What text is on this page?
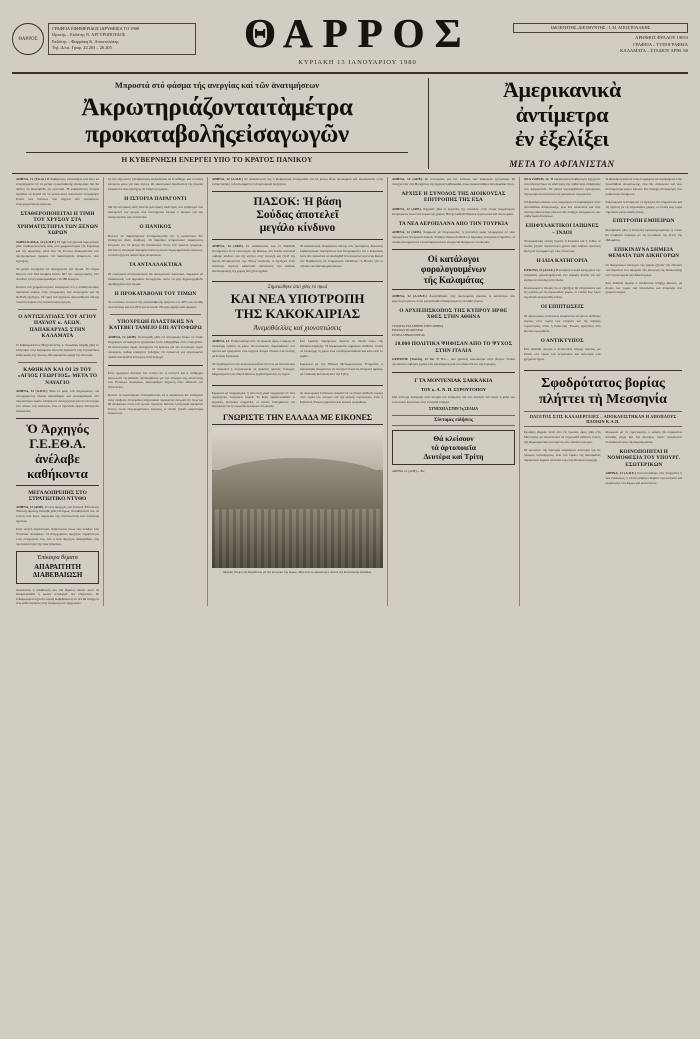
ΘΑΡΡΟΣ
ΓΡΑΦΕΙΑ ΕΦΗΜΕΡΙΔΟΣ ΙΔΡΥΘΕΙΣΑ ΤΟ 1900
Ιδρυτής – Εκδότης Ν. ΑΡΓΥΡΟΠΟΥΛΟΣ
Εκδότης – Φαρμάκη Κ. Αποστολάκης
Τηλ. Δ/νσ. Γραφ. 22.263 – 26.205	ΘΑΡΡΟΣ
ΚΥΡΙΑΚΗ 13 ΙΑΝΟΥΑΡΙΟΥ 1980
ΙΔΙΟΚΤΗΤΗΣ–ΔΙΕΥΘΥΝΤΗΣ : Ι. Μ. ΑΠΟΣΤΟΛΑΚΗΣ
ΑΡΙΘΜΟΣ ΦΥΛΛΟΥ 19033
ΓΡΑΦΕΙΑ – ΤΥΠΟΓΡΑΦΕΙΑ
ΚΑΛΑΜΑΤΑ – ΣΤΑΔΙΟΥ ΑΡΙΘ. 60
Μπροστά στό φάσμα τής ανεργίας καί τῶν ἀνατιμήσεων
Ἀκρωτηριάζονταιτὰμέτρα
προκαταβολῆςεἰσαγωγῶν
Η ΚΥΒΕΡΝΗΣΗ ΕΝΕΡΓΕΙ ΥΠΟ ΤΟ ΚΡΑΤΟΣ ΠΑΝΙΚΟΥ
Ἀμερικανικὰ
ἀντίμετρα
ἐν ἐξελίξει
ΜΕΤΑ ΤΟ ΑΦΓΑΝΙΣΤΑΝ

ΑΘΗΝΑ, 12 (ΤΑ.Δι.) Η Κυβέρνηση έπαναφέρει καί πάλι κό επιχειρήματα ότι τά μέτρα προκαταβολῆς εἰσαγωγῶν δέν θά πρέπει νά θεωρηθοῦν ὡς ὁριστικά. Ἡ κυβερνητική πλευρά ἀρνεῖται νά δεχθεῖ ὅτι τά μέτρα αὐτά ἀποτελοῦν ὑποχώρηση ἔναντι τῶν πιέσεων πού δέχεται ἀπό ὁρισμένους ἐπιχειρηματικούς κύκλους.

ΣΤΑΘΕΡΟΠΟΙΕΙΤΑΙ Η ΤΙΜΗ ΤΟΥ ΧΡΥΣΟΥ ΣΤΑ ΧΡΗΜΑΤΙΣΤΗΡΙΑ ΤΩΝ ΞΕΝΩΝ ΧΩΡΩΝ

ΧΩΡΙΣ ΚΛΙΚΑ, 12 (Α.Π.Ε.) Ἡ τιμή τοῦ χρυσοῦ παρουσίασε χθές σταθεροποιητική τάση στά χρηματιστήρια τῆς Εὐρώπης καί τῆς Ἀμερικῆς, μετά ἀπό τίς ἔντονες διακυμάνσεις τῶν προηγούμενων ἡμερῶν. Οἱ παρατηρητές ἀναμένουν νέες ἐξελίξεις.

Τά μέτρα συνέχισαν νά ἀπασχολοῦν τήν ἀγορά. Ἡ οὐγγιά ἔκλεισε στά 594 δολάρια ἔναντι 607 τήν προηγουμένη. Στό Λονδίνο ἡ τιμή διαμορφώθηκε στά 588 δολάρια.

Κύκλοι τοῦ χρηματιστηρίου ἀναφέρουν ὅτι ἡ σταθεροποίηση ὀφείλεται κυρίως στήν ὑποχώρηση τῶν ἀνησυχιῶν γιά τίς διεθνεῖς ἐξελίξεις. Οἱ τιμές τοῦ ἀργύρου ἀκολούθησαν ἐπίσης πτωτική πορεία στίς περισσότερες ἀγορές.

Ο ΑΝΤΙΣΕΛΤΙΔΕΣ ΤΟΥ ΑΓΙΟΥ ΠΑΥΛΟΥ κ. ΛΕΩΝ. ΠΑΠΑΚΑΡΥΑΣ ΣΤΗΝ ΚΑΛΑΜΑΤΑ

Ὁ Σεβασμιώτατος Μητροπολίτης κ. Λεωνίδας ἀφίχθη χθές τό ἀπόγευμα στήν Καλαμάτα ὅπου θά παραστεῖ στίς ἑορταστικές ἐκδηλώσεις τῆς πόλεως. Θά παραμείνει μέχρι τήν Δευτέρα.

ΚΑΘΗΚΑΝ ΚΑΙ ΟΙ 29 ΤΟΥ «ΑΓΙΟΣ ΓΕΩΡΓΙΟΣ» ΜΕΤΑ ΤΟ ΝΑΥΑΓΙΟ

ΑΘΗΝΑ, 12 (Α.Π.Ε.) Ὅλα τά μέλη τοῦ πληρώματος τοῦ ναυαγήσαντος πλοίου διασώθηκαν καί μεταφέρθηκαν στό πλησιέστερο λιμάνι. Οἱ ἔρευνες συνεχίζονται γιά τόν ἐντοπισμό τῶν αἰτίων τοῦ ναυαγίου, ἐνῶ οἱ λιμενικές ἀρχές διενεργοῦν ἀνακρίσεις.

Ὁ Ἀρχηγός Γ.Ε.ΕΘ.Α.
ἀνέλαβε καθήκοντα
ΜΕΓΑΛΟΠΡΕΠΗΣ ΣΤΟ ΣΤΡΑΤΙΩΤΙΚΟ ΝΤΥΘΟ

ΑΘΗΝΑ, 12 (ΑΠΕ). Ὁ νέος Ἀρχηγός τοῦ Γενικοῦ Ἐπιτελείου Ἐθνικῆς Ἀμύνης ἀνέλαβε χθές ἐπισήμως τά καθήκοντά του, σέ τελετή πού ἔγινε παρουσία τῆς στρατιωτικῆς καί πολιτικῆς ἡγεσίας.

Στήν τελετή παρέστησαν ἐκπρόσωποι ὅλων τῶν κλάδων τῶν Ἐνόπλων Δυνάμεων. Ὁ ἀπερχόμενος Ἀρχηγός εὐχαρίστησε τούς συνεργάτες του, ἐνῶ ὁ νέος Ἀρχηγός ἀναφέρθηκε στίς προτεραιότητες τῆς νέας περιόδου.

Ἐπίκαιρα θέματα
ΑΠΑΡΑΙΤΗΤΗ ΔΙΑΒΕΒΑΙΩΣΗ
Ἀναμένεται ἡ διευθέτηση καί τοῦ θέματος αὐτοῦ, ὥστε νά ἀποκατασταθεῖ ἡ ὁμαλή λειτουργία τῶν ὑπηρεσιῶν. Οἱ ἐνδιαφερόμενοι ζητοῦν σαφεῖς διαβεβαιώσεις ὅτι δέν θά ὑπάρξουν νέες καθυστερήσεις στήν ἐφαρμογή τῶν ἐξαγγελιῶν.

τά τήν τάξη αὐτή ἡ Κυβέρνηση ἀναγκάζεται νά θ' ἀνθέξει, καί οἱ πύλες ἄνοιγουν μόνο γιά τούς λίγους. Οἱ οἰκονομικοί παράγοντες τῆς ἀγοράς ἀναμένουν νέες ἐξελίξεις τίς ἑπόμενες ἡμέρες.

Η ΙΣΤΟΡΙΑ ΠΑΡΑΓΟΝΤΙ

Μέ τήν ἀπόφαση αὐτή δίνεται μιά πρώτη ἀπάντηση στό πρόβλημα πού ἀπασχολεῖ τήν ἀγορά, ἐνῶ ταυτόχρονα ἀνοίγει ὁ δρόμος γιά τήν ἀντιμετώπιση τῶν συνεπειῶν.

Ο ΠΑΝΙΚΟΣ

Πολλοί τά παρατήρησαν ἐπισημαίνοντας ὅτι ἡ κατάσταση δέν ἐπιδέχεται ἄλλη ἀναβολή. Οἱ ἁρμόδιοι ὑπηρεσιακοί παράγοντες ἐκτιμοῦν ὅτι τά μέτρα θά ἀποδώσουν ἐντός τοῦ πρώτου τριμήνου. Ὡστόσο ἡ ἀνησυχία παραμένει ἔντονη στούς ἐπιχειρηματικούς κύκλους, οἱ ὁποῖοι ζητοῦν σαφέστερες δεσμεύσεις.

ΤΑ ΑΝΤΑΛΛΑΚΤΙΚΑ

Οἱ εἰσαγωγές ἀνταλλακτικῶν θά συνεχιστοῦν κανονικά, σύμφωνα μέ ἀνακοίνωση τοῦ ἁρμόδιου ὑπουργείου, ὥστε νά μήν δημιουργηθοῦν προβλήματα στήν ἀγορά.

Η ΠΡΟΚΑΤΑΒΟΛΗ ΤΟΥ ΤΙΜΩΝ

Τό συνολικό ποσοστό τῆς προκαταβολῆς ὁρίζεται στό 40% γιά τά εἴδη πολυτελείας καί στό 20% γιά τά λοιπά. Ἡ ἰσχύς ἀρχίζει ἀπό σήμερα.

ΥΠΟΧΡΕΩΗ ΠΛΑΣΤΙΚΗΣ ΝΑ ΚΑΤΕΒΕΙ ΤΑΜΕΙΟ ΕΠΙ ΑΥΤΟΦΩΡΩ

ΑΘΗΝΑ, 12 (ΑΠΕ). Συνελήφθη χθές ἐπ' αὐτοφώρῳ ἄτομο τό ὁποῖο ἐπιχείρησε νά ἀφαιρέσει χρηματικό ποσό. Ὁδηγήθηκε στόν εἰσαγγελέα. Οἱ ἀστυνομικές ἀρχές συνεχίζουν τίς ἔρευνες γιά τόν ἐντοπισμό τυχόν συνεργῶν, καθώς ὑπάρχουν ἐνδείξεις ὅτι πρόκειται γιά ὀργανωμένη ὁμάδα πού δροῦσε ἐπί μῆνες στήν περιοχή.

Στήν ἡμερήσια διαταγή του τονίζει ὅτι ἡ ἑνότητα καί ἡ πειθαρχία ἀποτελοῦν τίς βασικές προϋποθέσεις γιά τήν ἐπιτυχία τῆς ἀποστολῆς τῶν Ἐνόπλων Δυνάμεων. Ἀκολούθησε δεξίωση στήν αἴθουσα τοῦ Ἐπιτελείου.

Πολλοί τά παρατήρησαν ἐπισημαίνοντας ὅτι ἡ κατάσταση δέν ἐπιδέχεται ἄλλη ἀναβολή. Οἱ ἁρμόδιοι ὑπηρεσιακοί παράγοντες ἐκτιμοῦν ὅτι τά μέτρα θά ἀποδώσουν ἐντός τοῦ πρώτου τριμήνου. Ὡστόσο ἡ ἀνησυχία παραμένει ἔντονη στούς ἐπιχειρηματικούς κύκλους, οἱ ὁποῖοι ζητοῦν σαφέστερες δεσμεύσεις.

ΑΘΗΝΑ, 12 (Α.Π.Ε.) Σέ ἀνακοίνωσή της ἡ Κυβέρνηση ἐπισημαίνει ὅτι τά μέτρα εἶναι προσωρινά καί ἀποσκοποῦν στήν ἀντιμετώπιση τοῦ ἐλλείμματος τοῦ ἐμπορικοῦ ἰσοζυγίου.

ΠΑΣΟΚ: Ἡ βάση
Σούδας ἀποτελεῖ
μεγάλο κίνδυνο

ΑΘΗΝΑ, 12 (ΑΠΕ). Σέ ἀνακοίνωσή του τό ΠΑΣΟΚ ἐπισημαίνει ὅτι ἡ λειτουργία τῆς βάσεως στή Σούδα ἀποτελεῖ σοβαρό κίνδυνο γιά τήν εἰρήνη στήν περιοχή καί ζητεῖ τήν ἄμεση ἀπομάκρυνσή της. Ὅπως τονίζεται, οἱ ἐξελίξεις στήν εὐρύτερη περιοχή καθιστοῦν ἐπιτακτική τήν ἀνάγκη ἀποδέσμευσης τῆς χώρας ἀπό ξένα σχέδια.

Ἡ ἀνακοίνωση ἀναφέρεται ἐπίσης στίς πρόσφατες δηλώσεις κυβερνητικῶν παραγόντων καί ὑπογραμμίζει ὅτι ὁ ἑλληνικός λαός δέν πρόκειται νά ἀποδεχθεῖ τετελεσμένα γεγονότα. Καλεῖ τήν Κυβέρνηση νά ἐνημερώσει ὑπεύθυνα τή Βουλή γιά τό σύνολο τῶν διαπραγματεύσεων.

Σημειώθηκε ἀπό χθές τό πρωΐ
ΚΑΙ ΝΕΑ ΥΠΟΤΡΟΠΗ
ΤΗΣ ΚΑΚΟΚΑΙΡΙΑΣ
Ἀνεμοθύελλες καί χιονοπτώσεις

ΑΘΗΝΑ, 12. Ἐπιδεινώθηκε ἀπό τίς πρωινές ὧρες ὁ καιρός σέ ὁλόκληρη σχεδόν τή χώρα. Χιονοπτώσεις σημειώθηκαν στά ὀρεινά καί ἡμιορεινά, ἐνῶ ἰσχυροί ἄνεμοι ἔπνεαν στά πελάγη μέ ἔνταση 8 μποφόρ.

Τά προβλήματα στήν κυκλοφορία ἦταν ἔντονα, μέ ἀποτέλεσμα νά διακοπεῖ ἡ συγκοινωνία σέ ἀρκετές ὀρεινές περιοχές. Μηχανήματα τοῦ ὁδικοῦ δικτύου ἐργάστηκαν ὅλη τή νύχτα.

Στά λιμάνια παρέμειναν δεμένα τά πλοῖα λόγω τῆς θαλασσοταραχῆς. Ἡ θερμοκρασία σημείωσε αἰσθητή πτώση σέ ὁλόκληρη τή χώρα, ἐνῶ στά βόρεια ἔφθασε καί κάτω ἀπό τό μηδέν.

Σύμφωνα μέ τήν Ἐθνική Μετεωρολογική Ὑπηρεσία, ἡ κακοκαιρία ἀναμένεται νά συνεχιστεῖ καί τίς ἑπόμενες ἡμέρες, μέ σταδιακή βελτίωση ἀπό τήν Τρίτη.

Σύμφωνα μέ πληροφορίες, ἡ γειτονική χώρα προχώρησε σέ νέες παραγγελίες πολεμικοῦ ὑλικοῦ. Τό θέμα παρακολουθοῦν οἱ ἁρμόδιες ἑλληνικές ὑπηρεσίες, οἱ ὁποῖες ἐπισημαίνουν ὅτι διαταράσσεται ἡ ἰσορροπία δυνάμεων στό Αἰγαῖο.
Οἱ οἰκονομικές ἐπιπτώσεις ἀναμένεται νά γίνουν αἰσθητές κυρίως στόν τομέα τῶν σιτηρῶν καί τῆς ὑψηλῆς τεχνολογίας, ὅπου ἡ Σοβιετική Ἕνωση ἐξαρτᾶται ἀπό δυτικές προμήθειες.
ΓΝΩΡΙΣΤΕ ΤΗΝ ΕΛΛΑΔΑ ΜΕ ΕΙΚΟΝΕΣ
Μερική ἄποψη τῆς Καρδίτσας μέ τόν κεντρικό της δρόμο. Μία ἀπό τίς ὡραιότερες πόλεις τῆς θεσσαλικῆς πεδιάδος.

ΑΘΗΝΑ, 12 (ΑΠΕ). Οἱ συνομιλίες γιά τήν ἐπίλυση τῶν ἐκκρεμῶν ζητημάτων θά συνεχιστοῦν στίς Βρυξέλλες τήν ἐρχόμενη ἑβδομάδα, ὅπως ἀνακοινώθηκε ἀπό ἁρμόδια πηγή.

ΑΡΧΙΣΕ Η ΣΥΝΟΔΟΣ ΤΗΣ ΔΙΟΙΚΟΥΣΑΣ ΕΠΙΤΡΟΠΗΣ ΤΗΣ ΕΣΑ

ΑΘΗΝΑ, 12 (ΑΠΕ). Ἄρχισαν χθές οἱ ἐργασίες τῆς συνόδου, στήν ὁποία συμμετέχουν ἐκπρόσωποι ὅλων τῶν νομῶν τῆς χώρας. Θά ἐξετασθοῦν θέματα ὀργανωτικά καί οἰκονομικά.

ΤΑ ΝΕΑ ΑΕΡΟΠΛΑΝΑ ΑΠΟ ΤΗΝ ΤΟΥΡΚΙΑ

ΑΘΗΝΑ, 12 (ΑΠΕ). Σύμφωνα μέ πληροφορίες, ἡ γειτονική χώρα προχώρησε σέ νέες παραγγελίες πολεμικοῦ ὑλικοῦ. Τό θέμα παρακολουθοῦν οἱ ἁρμόδιες ἑλληνικές ὑπηρεσίες, οἱ ὁποῖες ἐπισημαίνουν ὅτι διαταράσσεται ἡ ἰσορροπία δυνάμεων στό Αἰγαῖο.

Οἱ κατάλογοι
φορολογουμένων
τῆς Καλαμάτας

ΑΘΗΝΑ, 12 (Α.Ι.Β.Ε.) Ἀναρτήθηκαν στίς οἰκονομικές ἐφορίες οἱ κατάλογοι τῶν φορολογουμένων, ὅπου μπορεῖ κάθε ἐνδιαφερόμενος νά λάβει γνώση.

Ο ΑΡΧΙΕΠΙΣΚΟΠΟΣ ΤΗΣ ΚΥΠΡΟΥ ΗΡΘΕ ΧΘΕΣ ΣΤΗΝ ΑΘΗΝΑ
ΤΡΙΑΝΤΑ ΣΥΛΛΗΨΕΙΣ ΣΤΗΝ ΑΘΗΝΑ
ΕΠΑΝΑ ΣΤΟ ΔΟΥΛΕΙΟ
ΣΥΝΕΛΛΗΝΩΝ ΙΕΡΕΑΣ
10.000 ΠΟΛΙΤΙΚΑ ΨΗΦΙΣΑΝ ΑΠΟ ΤΟ ΨΥΧΟΣ ΣΤΗΝ ΙΤΑΛΙΑ

ΟΡΙΤΣΙΝΕ (Ἰταλία), 12 Ἰα. Ἡ Β.Ι.— ἀπό χθεσινή κακοκαιρία στήν βόρειο Ἰταλία προκάλεσε σοβαρές ζημιές στίς καλλιέργειες καί στό ὁδικό δίκτυο τῆς περιοχῆς.

Γ ΤΑ ΜΟΝΤΕΝΙΑΚ ΣΑΚΚΑΚΙΑ
ΤΟΥ κ. Α. Ν. Π. ΣΤΡΟΥΤΟΠΟΥ
Μιά σύντομη ἀναδρομή στήν ἱστορία τοῦ ἐνδύματος καί στίς ἀλλαγές πού ἔφερε ἡ μόδα τῶν τελευταίων δεκαετιῶν στήν ἑλληνική ἐπαρχία.
ΣΥΝΕΧΕΙΑ ΣΤΗΝ 7η ΣΕΛΙΔΑ
Σύντομες εἰδήσεις
Θά κλείσουν
τά ἀρτοποιεῖα
Δευτέρα καί Τρίτη
ΑΘΗΝΑ 12. (ΑΠΕ).—Εἰς

ΝΕΑ ΥΟΡΚΗ, 12. Ἡ ἀμερικανική Κυβέρνηση ἐξήγγειλε νέα σειρά μέτρων σέ ἀπάντηση τῆς σοβιετικῆς ἐπέμβασης στό Ἀφγανιστάν. Τά μέτρα περιλαμβάνουν ἐμπορικούς περιορισμούς καί ἀναστολή ὁρισμένων συμφωνιῶν.

Ὁ Πρόεδρος κάλεσε τούς συμμάχους νά συμπράξουν στήν προσπάθεια ἀπομόνωσης, ἐνῶ δέν ἀπέκλεισε καί νέα, αὐστηρότερα μέτρα ἐφόσον δέν ὑπάρξει ἀποχώρηση τῶν σοβιετικῶν δυνάμεων.

ΕΠΙΦΥΛΑΚΤΙΚΟΙ ΙΑΠΩΝΕΣ – ΙΝΔΟΙ

Ἐπιφυλακτική στάση τηροῦν ἡ Ἰαπωνία καί ἡ Ἰνδία, οἱ ὁποῖες ζητοῦν περισσότερο χρόνο πρίν λάβουν ὁριστική θέση γιά τή συμμετοχή τους στά μέτρα.

Η ΙΔΙΑ ΚΑΤΗΓΟΡΙΑ

ΠΕΚΙΝΟ, 12 (Α.Π.Ε.) Ἡ κινεζική πλευρά κατήγγειλε τήν ἐπέμβαση, χαρακτηρίζοντάς την σοβαρή ἀπειλή γιά τήν εἰρήνη σέ ὁλόκληρη τήν Ἀσία.

Κυκλοφορεῖ ἡ ἄποψη ὅτι οἱ ἐξελίξεις θά ἐπηρεάσουν καί τίς σχέσεις μέ τίς εὐρωπαϊκές χῶρες, οἱ ὁποῖες ἕως τώρα τηροῦσαν μετριοπαθῆ στάση.

ΟΙ ΕΠΙΠΤΩΣΕΙΣ

Οἱ οἰκονομικές ἐπιπτώσεις ἀναμένεται νά γίνουν αἰσθητές κυρίως στόν τομέα τῶν σιτηρῶν καί τῆς ὑψηλῆς τεχνολογίας, ὅπου ἡ Σοβιετική Ἕνωση ἐξαρτᾶται ἀπό δυτικές προμήθειες.

Ο ΑΝΤΙΚΤΥΠΟΣ

Στίς διεθνεῖς ἀγορές ὁ ἀντίκτυπος ὑπῆρξε ἄμεσος, μέ ἄνοδο τῶν τιμῶν τοῦ πετρελαίου καί ἀνησυχία στά χρηματιστήρια.

Ὁ Πρόεδρος κάλεσε τούς συμμάχους νά συμπράξουν στήν προσπάθεια ἀπομόνωσης, ἐνῶ δέν ἀπέκλεισε καί νέα, αὐστηρότερα μέτρα ἐφόσον δέν ὑπάρξει ἀποχώρηση τῶν σοβιετικῶν δυνάμεων.

Κυκλοφορεῖ ἡ ἄποψη ὅτι οἱ ἐξελίξεις θά ἐπηρεάσουν καί τίς σχέσεις μέ τίς εὐρωπαϊκές χῶρες, οἱ ὁποῖες ἕως τώρα τηροῦσαν μετριοπαθῆ στάση.

ΕΠΙΤΡΟΠΗ ΕΜΠΕΙΡΩΝ

Συνεδρίασε χθές ἡ ἐπιτροπή ἐμπειρογνωμόνων, ἡ ὁποία θά ὑποβάλει πόρισμα μέ τίς προτάσεις της ἐντός τῆς ἑβδομάδος.

ΕΠΙΚΙΝΔΥΝΑ ΣΗΜΕΙΑ ΘΕΜΑΤΑ ΤΩΝ ΔΙΚΗΓΟΡΩΝ

Οἱ δικηγορικοί σύλλογοι τῆς χώρας ζητοῦν τήν ἐπίλυση τῶν θεμάτων πού ἀφοροῦν τήν ἀπονομή τῆς δικαιοσύνης καί τή λειτουργία τῶν δικαστηρίων.

Στίς διεθνεῖς ἀγορές ὁ ἀντίκτυπος ὑπῆρξε ἄμεσος, μέ ἄνοδο τῶν τιμῶν τοῦ πετρελαίου καί ἀνησυχία στά χρηματιστήρια.

Σφοδρότατος βορίας
πλήττει τὴ Μεσσηνία
ΠΑΓΕΤΟΣ ΣΤΙΣ ΚΑΛΛΙΕΡΓΕΙΕΣ – ΑΠΟΚΛΕΙΣΤΗΚΑΝ Η ΑΠΟΠΛΟΥΣ ΠΛΟΙΩΝ Κ.Α.Π.

Σφοδρός βορράς πνέει ἀπό τίς πρωινές ὧρες χθές στή Μεσσηνία, μέ ἀποτέλεσμα νά σημειωθεῖ αἰσθητή πτώση τῆς θερμοκρασίας καί παγετός στίς πεδινές περιοχές.

Οἱ γεωπόνοι τῆς περιοχῆς ἐκφράζουν ἀνησυχία γιά τίς πρώιμες καλλιέργειες, ἐνῶ στό λιμάνι τῆς Καλαμάτας παρέμειναν δεμένα τά πλοῖα λόγω τῆς θαλασσοταραχῆς.

Σύμφωνα μέ τίς προγνώσεις, ὁ καιρός θά παραμείνει ἀσταθής μέχρι καί τήν Δευτέρα, ὁπότε ἀναμένεται σταδιακή ἄνοδος τῆς θερμοκρασίας.

ΚΟΙΝΟΠΟΙΗΤΑΙ Η ΝΟΜΟΘΕΣΙΑ ΤΟΥ ΥΠΟΥΡΓ. ΕΣΩΤΕΡΙΚΩΝ

ΑΘΗΝΑ, 12 (Α.Π.Ε.) Κοινοποιήθηκε στίς ὑπηρεσίες ἡ νέα ἐγκύκλιος, ἡ ὁποία ρυθμίζει θέματα προσωπικοῦ καί ὀργάνωσης τῶν δήμων καί κοινοτήτων.
